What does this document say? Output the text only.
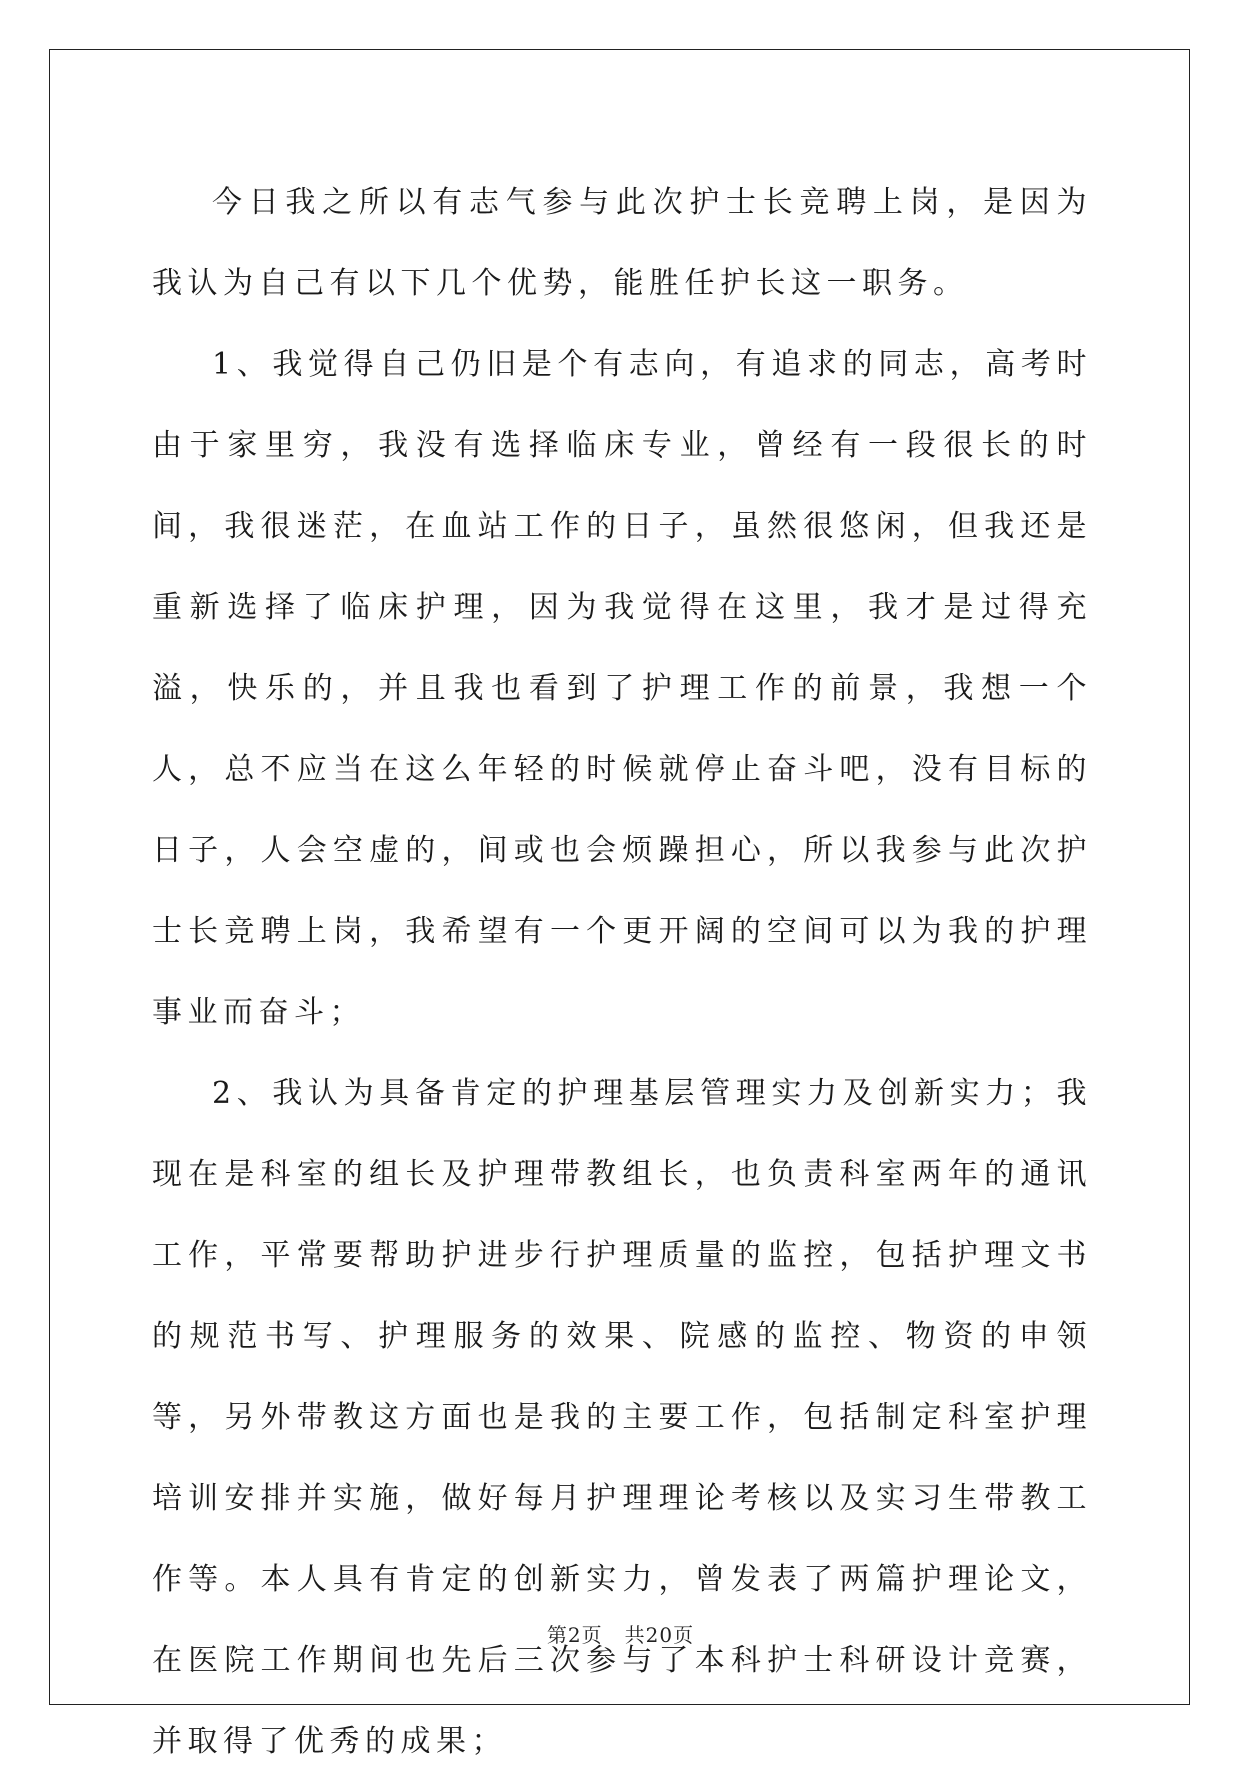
今日我之所以有志气参与此次护士长竞聘上岗，是因为我认为自己有以下几个优势，能胜任护长这一职务。

1、我觉得自己仍旧是个有志向，有追求的同志，高考时由于家里穷，我没有选择临床专业，曾经有一段很长的时间，我很迷茫，在血站工作的日子，虽然很悠闲，但我还是重新选择了临床护理，因为我觉得在这里，我才是过得充溢，快乐的，并且我也看到了护理工作的前景，我想一个人，总不应当在这么年轻的时候就停止奋斗吧，没有目标的日子，人会空虚的，间或也会烦躁担心，所以我参与此次护士长竞聘上岗，我希望有一个更开阔的空间可以为我的护理事业而奋斗；

2、我认为具备肯定的护理基层管理实力及创新实力；我现在是科室的组长及护理带教组长，也负责科室两年的通讯工作，平常要帮助护进步行护理质量的监控，包括护理文书的规范书写、护理服务的效果、院感的监控、物资的申领等，另外带教这方面也是我的主要工作，包括制定科室护理培训安排并实施，做好每月护理理论考核以及实习生带教工作等。本人具有肯定的创新实力，曾发表了两篇护理论文，在医院工作期间也先后三次参与了本科护士科研设计竞赛，并取得了优秀的成果；

第2页 共20页
